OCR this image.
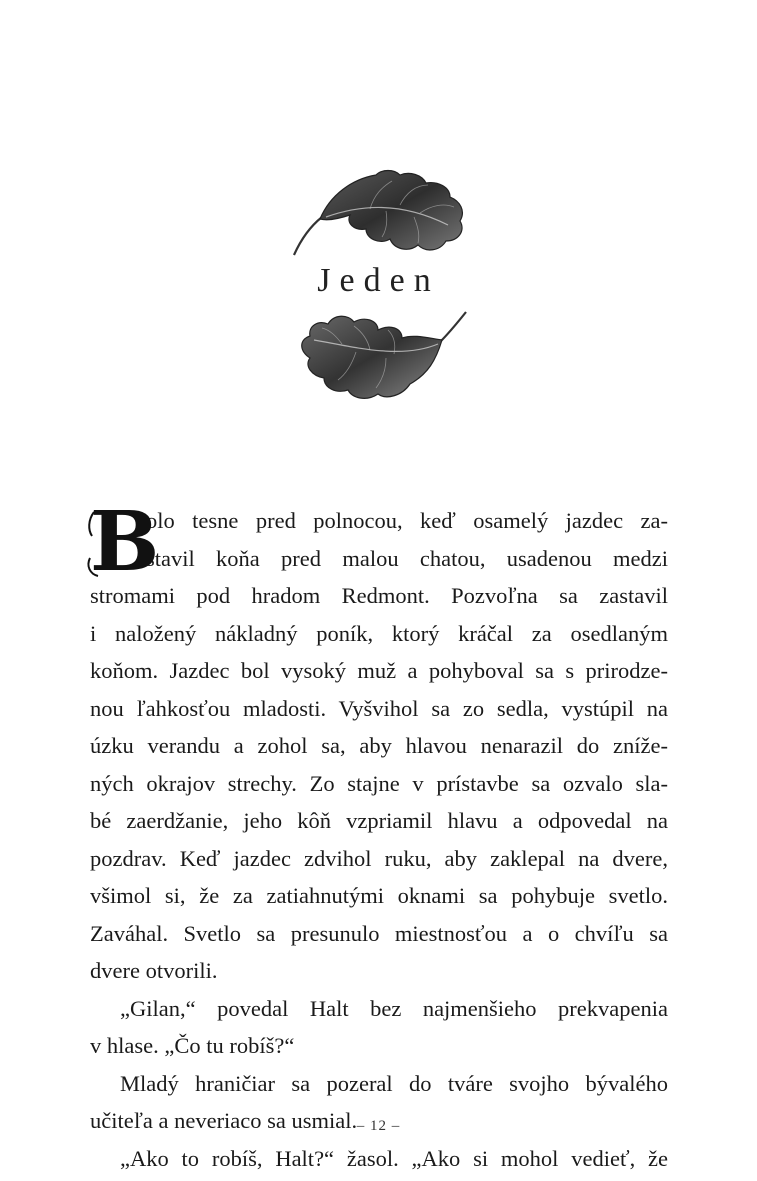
Jeden
B
olo tesne pred polnocou, keď osamelý jazdec za-
stavil koňa pred malou chatou, usadenou medzi
stromami pod hradom Redmont. Pozvoľna sa zastavil
i naložený nákladný poník, ktorý kráčal za osedlaným
koňom. Jazdec bol vysoký muž a pohyboval sa s prirodze-
nou ľahkosťou mladosti. Vyšvihol sa zo sedla, vystúpil na
úzku verandu a zohol sa, aby hlavou nenarazil do zníže-
ných okrajov strechy. Zo stajne v prístavbe sa ozvalo sla-
bé zaerdžanie, jeho kôň vzpriamil hlavu a odpovedal na
pozdrav. Keď jazdec zdvihol ruku, aby zaklepal na dvere,
všimol si, že za zatiahnutými oknami sa pohybuje svetlo.
Zaváhal. Svetlo sa presunulo miestnosťou a o chvíľu sa
dvere otvorili.
„Gilan,“ povedal Halt bez najmenšieho prekvapenia
v hlase. „Čo tu robíš?“
Mladý hraničiar sa pozeral do tváre svojho bývalého
učiteľa a neveriaco sa usmial.
„Ako to robíš, Halt?“ žasol. „Ako si mohol vedieť, že
– 12 –
